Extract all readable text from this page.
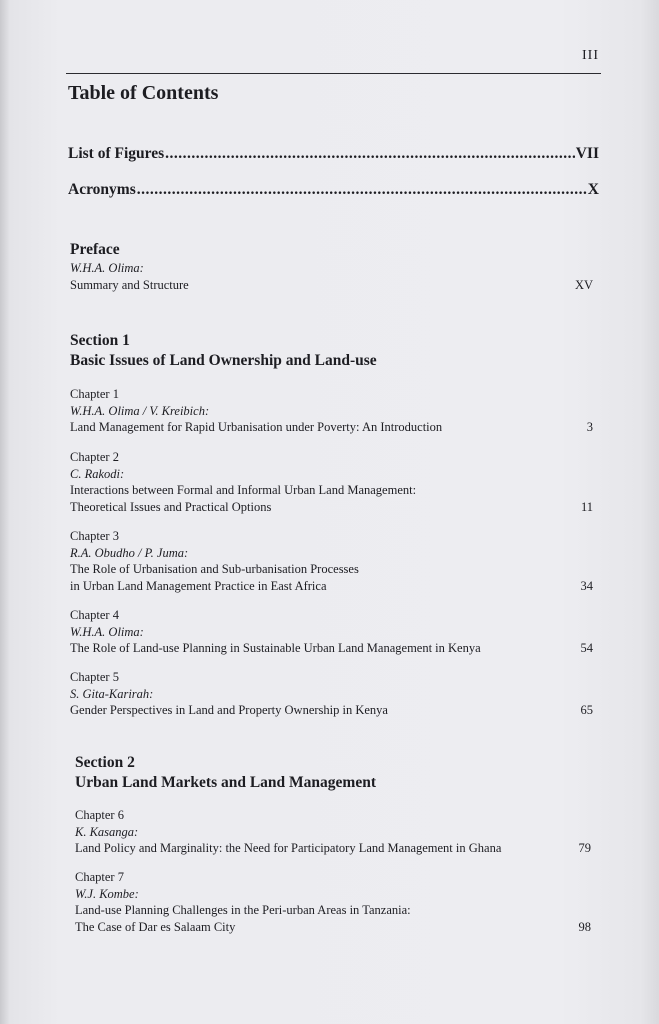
III
Table of Contents
List of Figures .....	VII
Acronyms .....	X
Preface
W.H.A. Olima:
Summary and Structure	XV
Section 1
Basic Issues of Land Ownership and Land-use
Chapter 1
W.H.A. Olima / V. Kreibich:
Land Management for Rapid Urbanisation under Poverty: An Introduction	3
Chapter 2
C. Rakodi:
Interactions between Formal and Informal Urban Land Management:
Theoretical Issues and Practical Options	11
Chapter 3
R.A. Obudho / P. Juma:
The Role of Urbanisation and Sub-urbanisation Processes
in Urban Land Management Practice in East Africa	34
Chapter 4
W.H.A. Olima:
The Role of Land-use Planning in Sustainable Urban Land Management in Kenya	54
Chapter 5
S. Gita-Karirah:
Gender Perspectives in Land and Property Ownership in Kenya	65
Section 2
Urban Land Markets and Land Management
Chapter 6
K. Kasanga:
Land Policy and Marginality: the Need for Participatory Land Management in Ghana	79
Chapter 7
W.J. Kombe:
Land-use Planning Challenges in the Peri-urban Areas in Tanzania:
The Case of Dar es Salaam City	98
